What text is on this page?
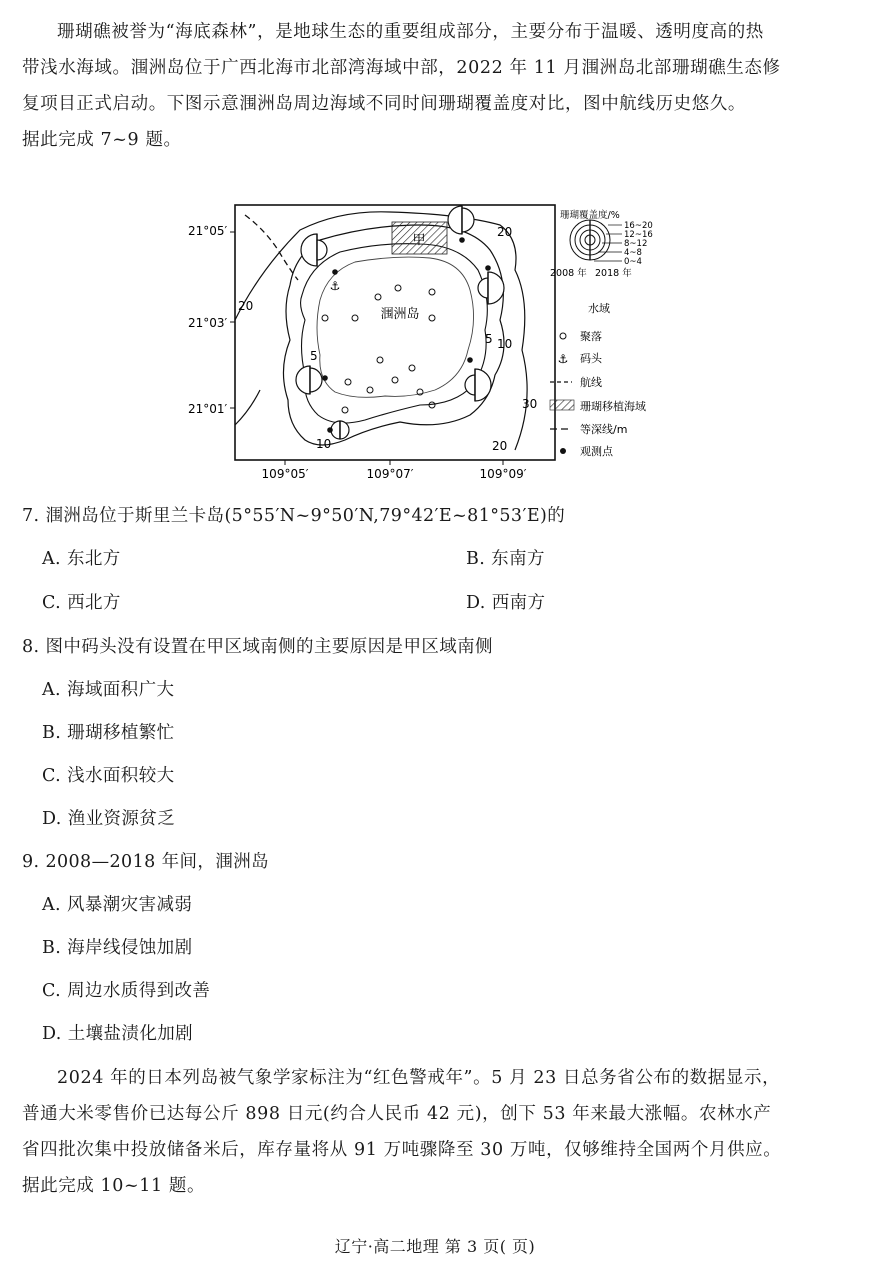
珊瑚礁被誉为“海底森林”，是地球生态的重要组成部分，主要分布于温暖、透明度高的热
带浅水海域。涠洲岛位于广西北海市北部湾海域中部，2022 年 11 月涠洲岛北部珊瑚礁生态修
复项目正式启动。下图示意涠洲岛周边海域不同时间珊瑚覆盖度对比，图中航线历史悠久。
据此完成 7~9 题。
21°05′
21°03′
21°01′
109°05′	109°07′	109°09′
甲
涠洲岛
⚓
20
20
5
10
5
10	20
30
珊瑚覆盖度/%
16~20
12~16
8~12
4~8
0~4
2008 年 2018 年
水域
聚落
⚓ 码头
航线
珊瑚移植海域
等深线/m
观测点
7. 涠洲岛位于斯里兰卡岛(5°55′N~9°50′N,79°42′E~81°53′E)的
A. 东北方	B. 东南方
C. 西北方	D. 西南方
8. 图中码头没有设置在甲区域南侧的主要原因是甲区域南侧
A. 海域面积广大
B. 珊瑚移植繁忙
C. 浅水面积较大
D. 渔业资源贫乏
9. 2008—2018 年间，涠洲岛
A. 风暴潮灾害减弱
B. 海岸线侵蚀加剧
C. 周边水质得到改善
D. 土壤盐渍化加剧
2024 年的日本列岛被气象学家标注为“红色警戒年”。5 月 23 日总务省公布的数据显示，
普通大米零售价已达每公斤 898 日元(约合人民币 42 元)，创下 53 年来最大涨幅。农林水产
省四批次集中投放储备米后，库存量将从 91 万吨骤降至 30 万吨，仅够维持全国两个月供应。
据此完成 10~11 题。
辽宁·高二地理 第 3 页( 页)
